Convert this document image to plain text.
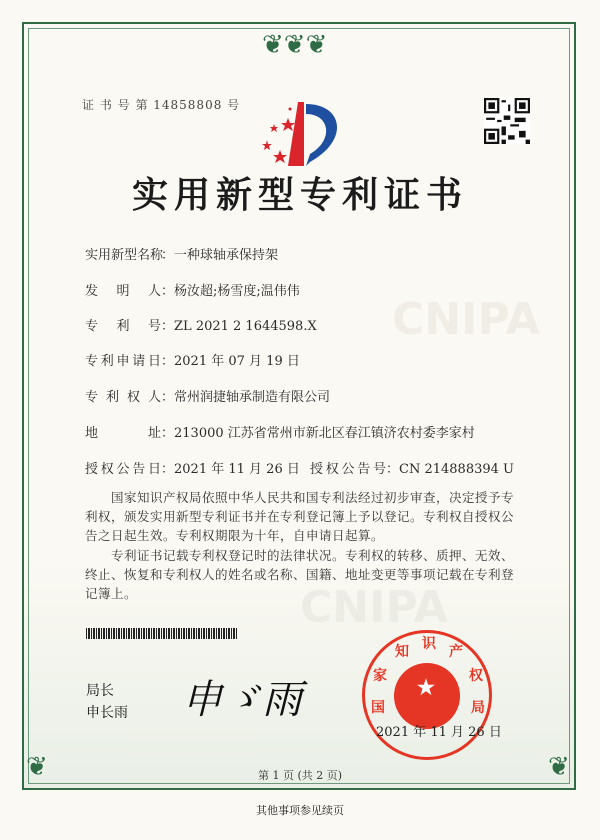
❦❦❦
❦	❦
CNIPA
CNIPA
证 书 号 第 14858808 号
实用新型专利证书
实用新型名称：一种球轴承保持架
发明人：杨汝超;杨雪度;温伟伟
专利号：ZL 2021 2 1644598.X
专利申请日：2021 年 07 月 19 日
专利权人：常州润捷轴承制造有限公司
地址：213000 江苏省常州市新北区春江镇济农村委李家村
授权公告日：2021 年 11 月 26 日 授权公告号：CN 214888394 U
国家知识产权局依照中华人民共和国专利法经过初步审查，决定授予专利权，颁发实用新型专利证书并在专利登记簿上予以登记。专利权自授权公告之日起生效。专利权期限为十年，自申请日起算。
专利证书记载专利权登记时的法律状况。专利权的转移、质押、无效、终止、恢复和专利权人的姓名或名称、国籍、地址变更等事项记载在专利登记簿上。
局长
申长雨 申ゞ雨	国
家
知 识 产
权
局
★
2021 年 11 月 26 日
第 1 页 (共 2 页)
其他事项参见续页
